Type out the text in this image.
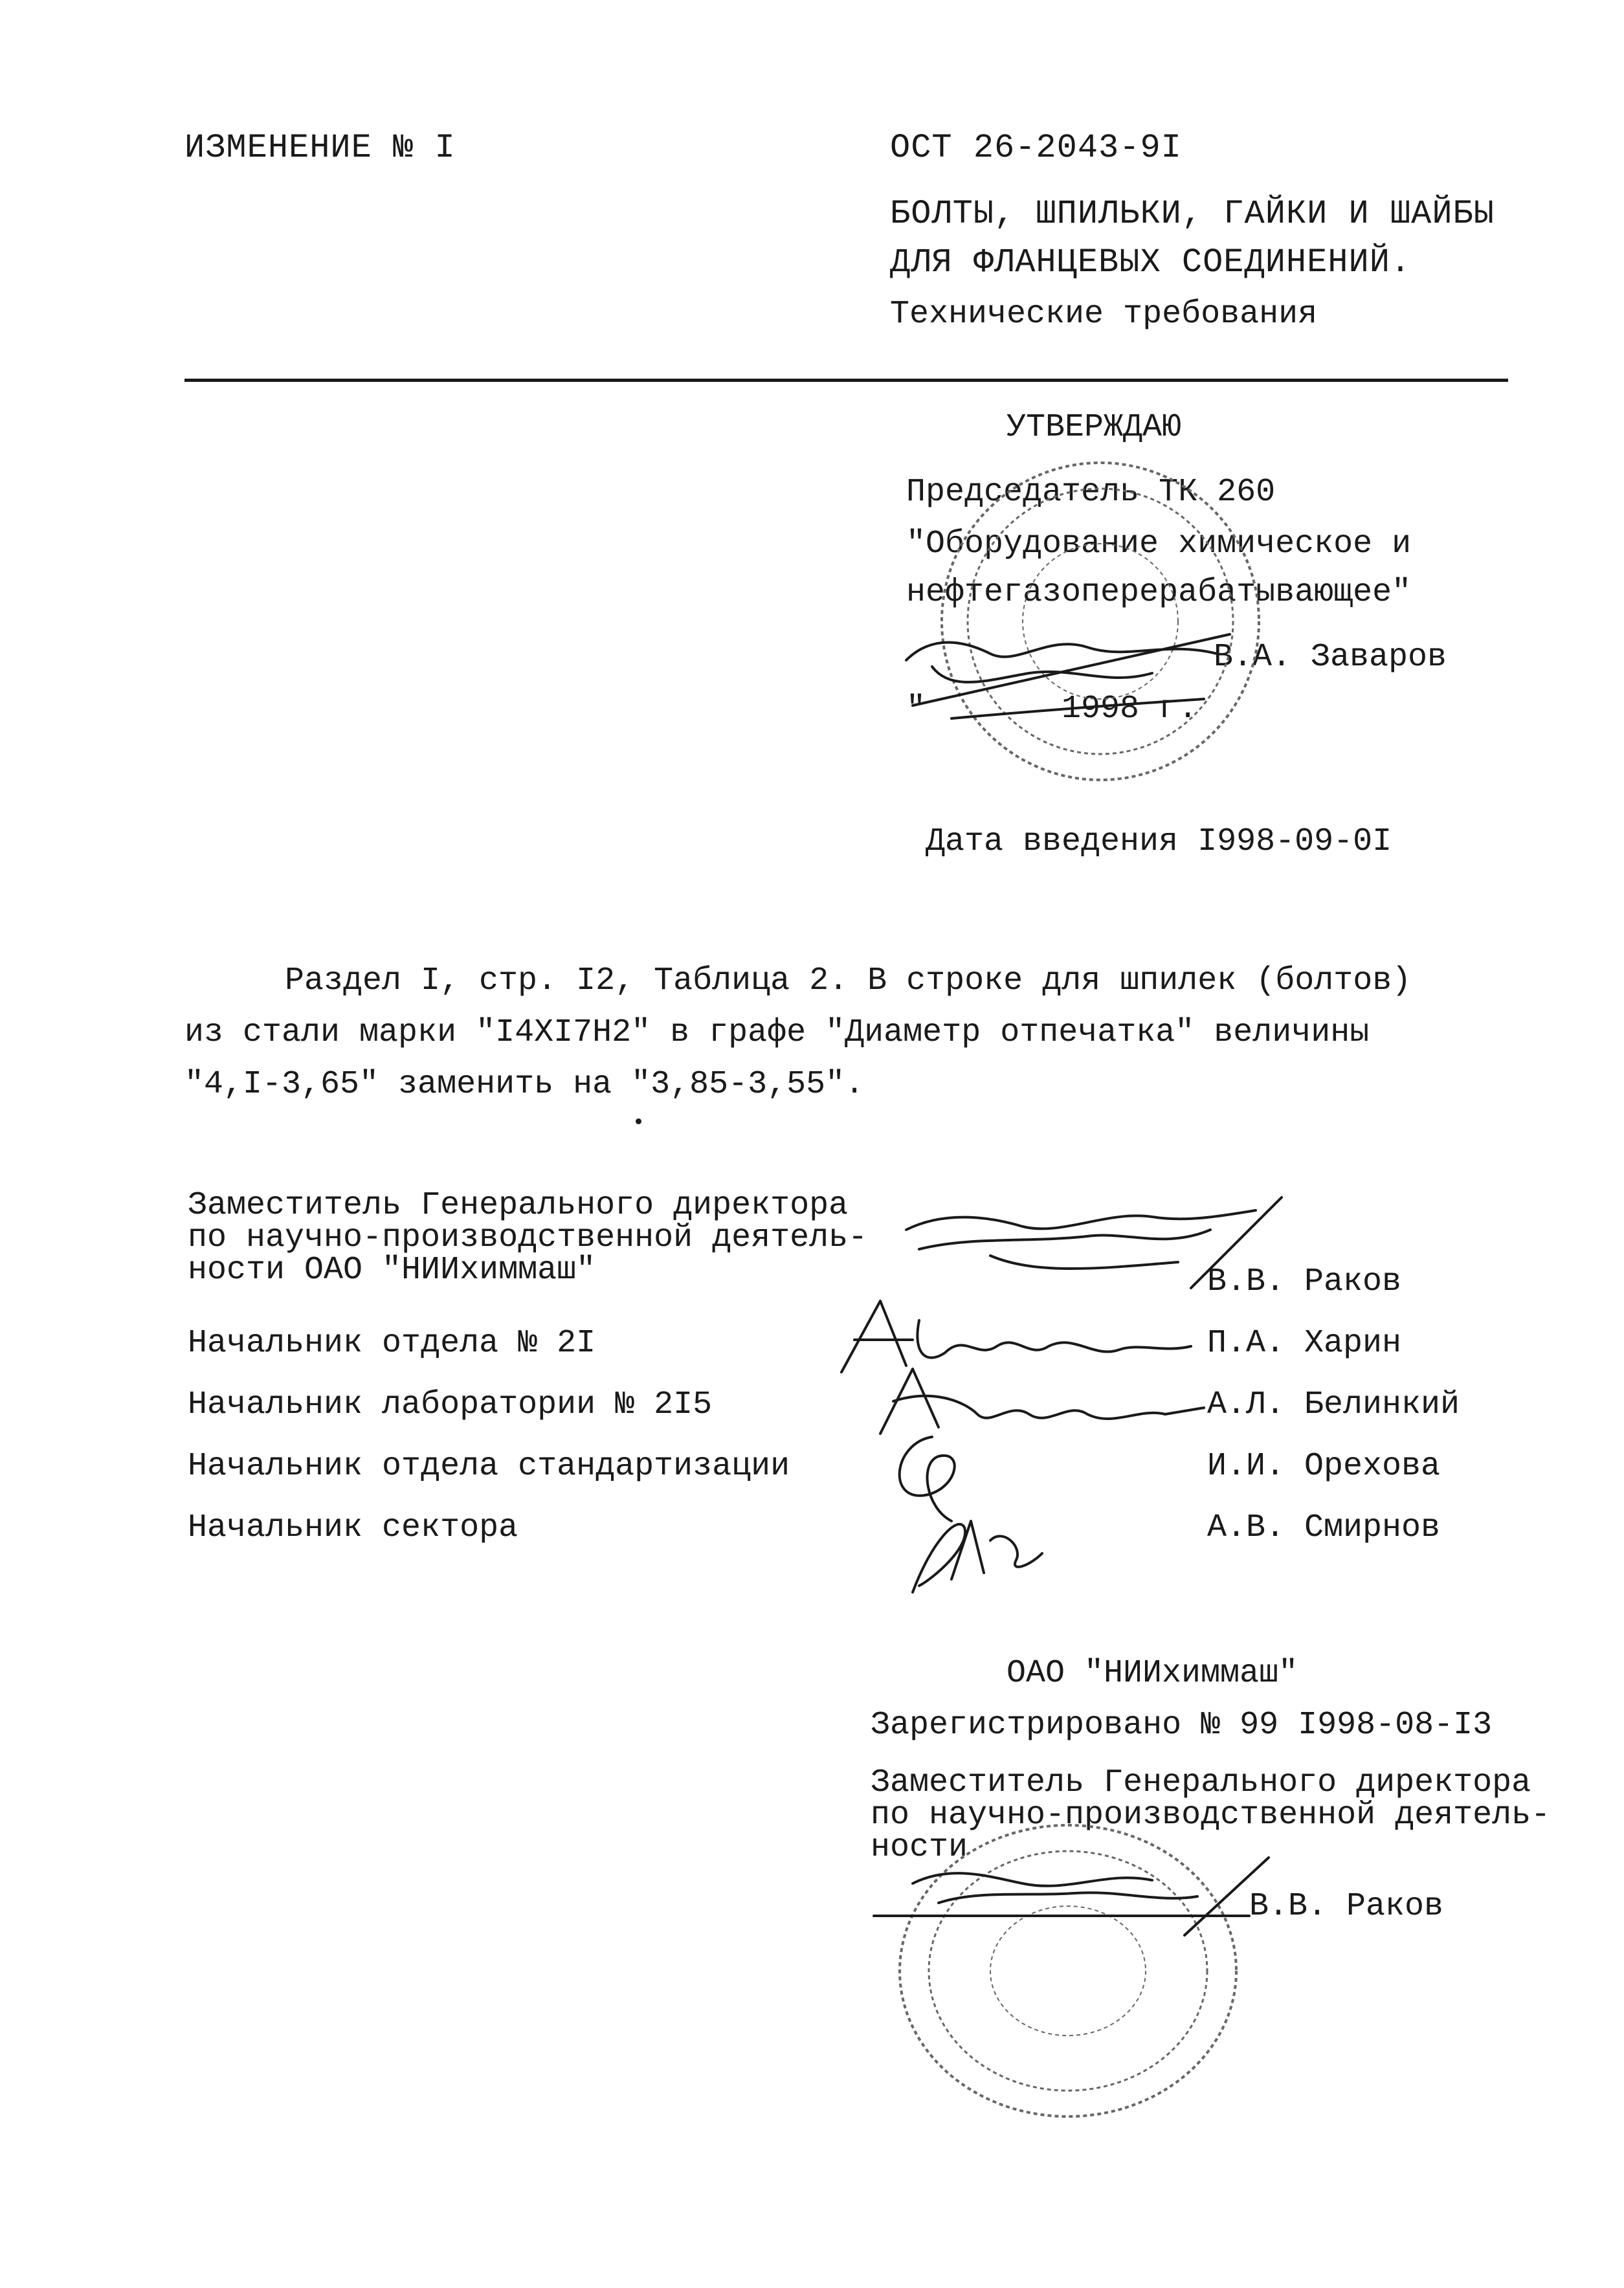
ИЗМЕНЕНИЕ № I	ОСТ 26-2043-9I
БОЛТЫ, ШПИЛЬКИ, ГАЙКИ И ШАЙБЫ
ДЛЯ ФЛАНЦЕВЫХ СОЕДИНЕНИЙ.
Технические требования
УТВЕРЖДАЮ
Председатель ТК 260
"Оборудование химическое и
нефтегазоперерабатывающее"
В.А. Заваров
"       1998 г.
Дата введения I998-09-0I
Раздел I, стр. I2, Таблица 2. В строке для шпилек (болтов)
из стали марки "I4XI7H2" в графе "Диаметр отпечатка" величины
"4,I-3,65" заменить на "3,85-3,55".
Заместитель Генерального директора
по научно-производственной деятель-
ности ОАО "НИИхиммаш"	В.В. Раков
Начальник отдела № 2I	П.А. Харин
Начальник лаборатории № 2I5	А.Л. Белинкий
Начальник отдела стандартизации	И.И. Орехова
Начальник сектора	А.В. Смирнов
ОАО "НИИхиммаш"
Зарегистрировано № 99 I998-08-I3
Заместитель Генерального директора
по научно-производственной деятель-
ности
В.В. Раков
